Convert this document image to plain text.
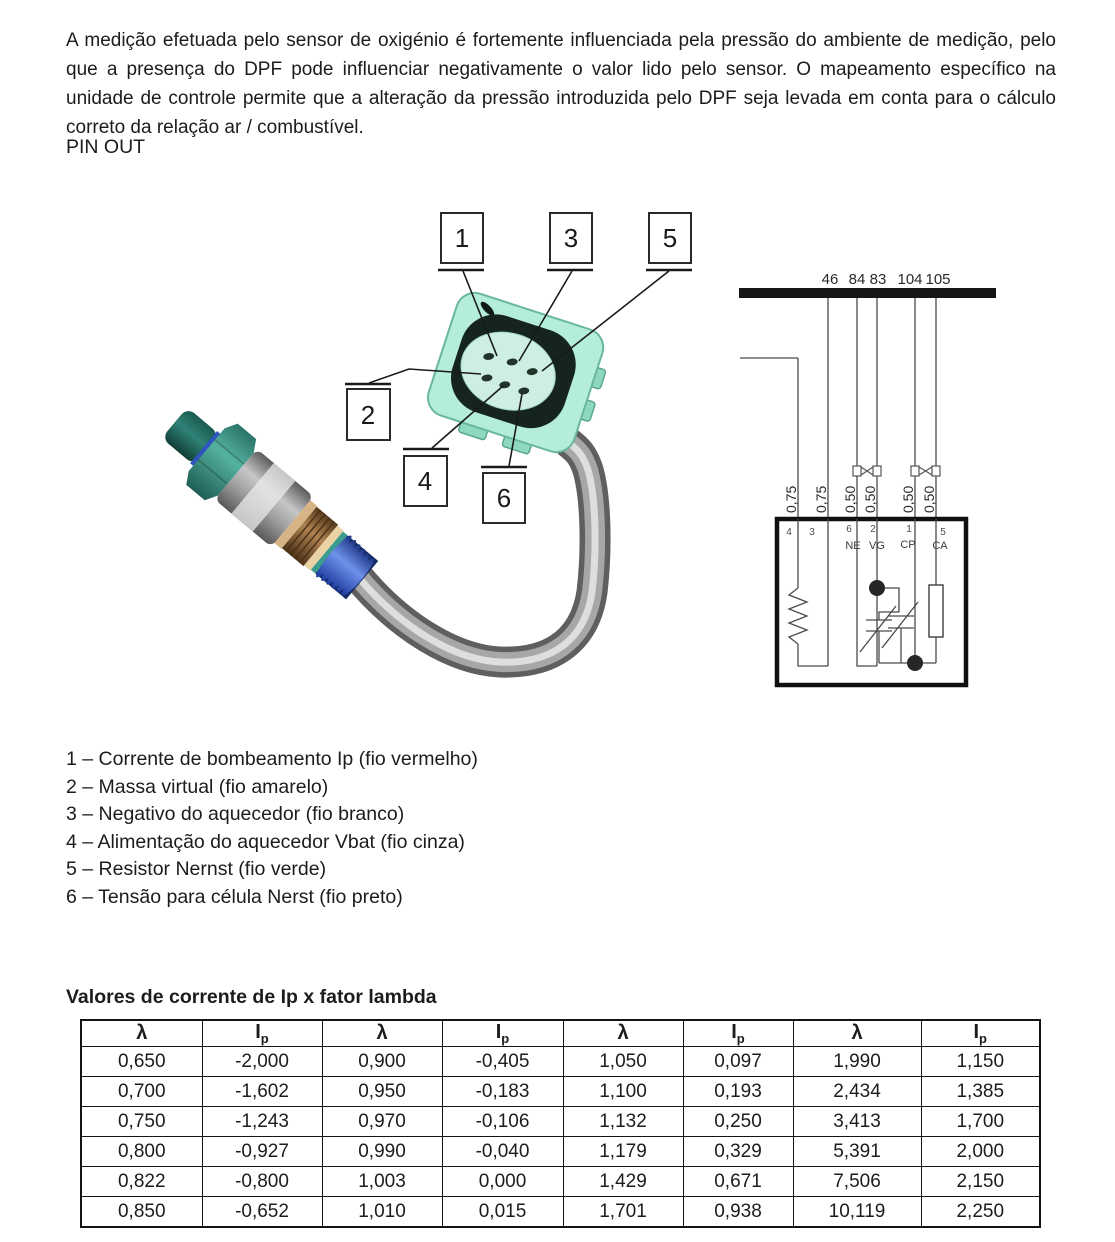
A medição efetuada pelo sensor de oxigénio é fortemente influenciada pela pressão do ambiente de medição, pelo que a presença do DPF pode influenciar negativamente o valor lido pelo sensor. O mapeamento específico na unidade de controle permite que a alteração da pressão introduzida pelo DPF seja levada em conta para o cálculo correto da relação ar / combustível.

PIN OUT
1	3	5
2
4
6
46 84 83 104 105
0,75 0,75 0,50 0,50 0,50 0,50
4 3	6 2	1	5
NE VG CP CA
1 – Corrente de bombeamento Ip (fio vermelho)
2 – Massa virtual (fio amarelo)
3 – Negativo do aquecedor (fio branco)
4 – Alimentação do aquecedor Vbat (fio cinza)
5 – Resistor Nernst (fio verde)
6 – Tensão para célula Nerst (fio preto)
Valores de corrente de Ip x fator lambda
λ	$I_p$	λ	$I_p$	λ	$I_p$	λ	$I_p$
0,650	-2,000	0,900	-0,405	1,050	0,097	1,990	1,150
0,700	-1,602	0,950	-0,183	1,100	0,193	2,434	1,385
0,750	-1,243	0,970	-0,106	1,132	0,250	3,413	1,700
0,800	-0,927	0,990	-0,040	1,179	0,329	5,391	2,000
0,822	-0,800	1,003	0,000	1,429	0,671	7,506	2,150
0,850	-0,652	1,010	0,015	1,701	0,938	10,119	2,250
